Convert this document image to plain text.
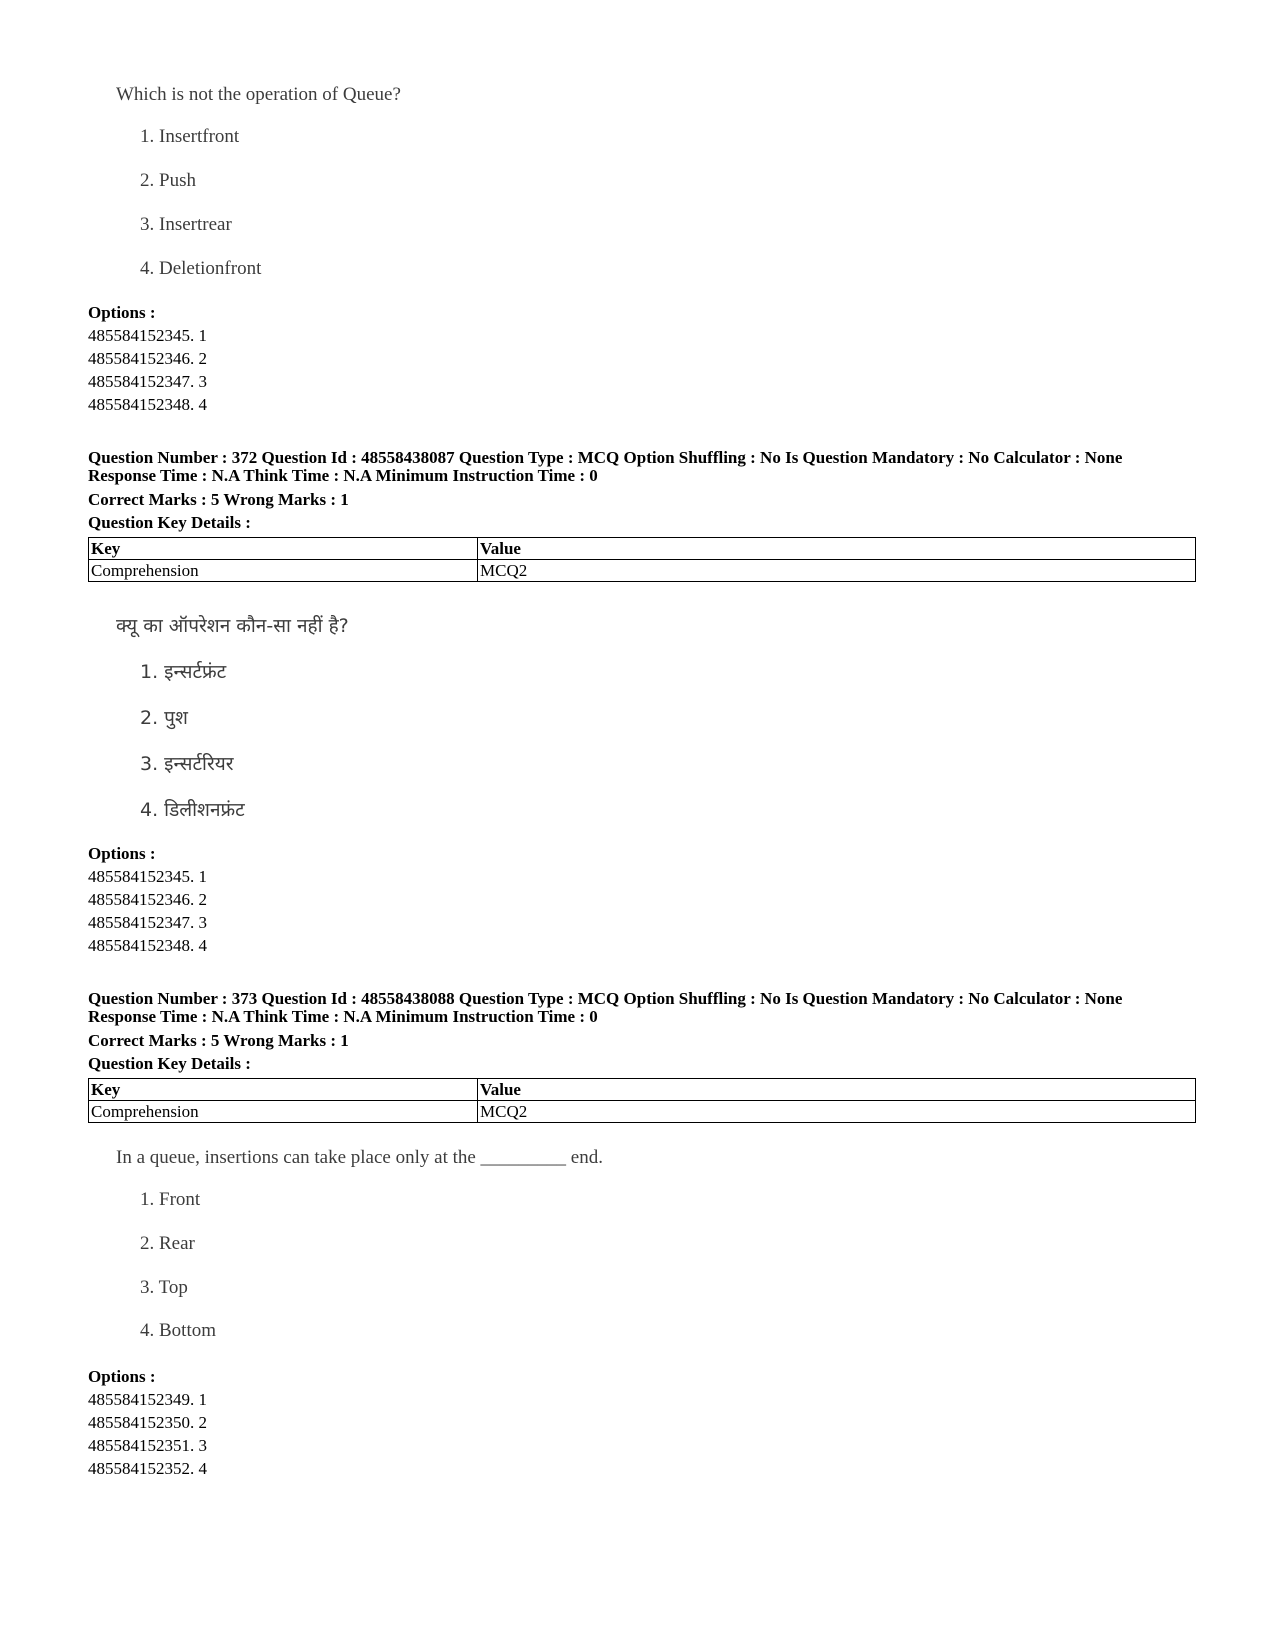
Which is not the operation of Queue?
1. Insertfront
2. Push
3. Insertrear
4. Deletionfront
Options :
485584152345. 1
485584152346. 2
485584152347. 3
485584152348. 4
Question Number : 372 Question Id : 48558438087 Question Type : MCQ Option Shuffling : No Is Question Mandatory : No Calculator : None
Response Time : N.A Think Time : N.A Minimum Instruction Time : 0
Correct Marks : 5 Wrong Marks : 1
Question Key Details :
Key	Value
Comprehension	MCQ2
क्यू का ऑपरेशन कौन-सा नहीं है?
1. इन्सर्टफ्रंट
2. पुश
3. इन्सर्टरियर
4. डिलीशनफ्रंट
Options :
485584152345. 1
485584152346. 2
485584152347. 3
485584152348. 4
Question Number : 373 Question Id : 48558438088 Question Type : MCQ Option Shuffling : No Is Question Mandatory : No Calculator : None
Response Time : N.A Think Time : N.A Minimum Instruction Time : 0
Correct Marks : 5 Wrong Marks : 1
Question Key Details :
Key	Value
Comprehension	MCQ2
In a queue, insertions can take place only at the _________ end.
1. Front
2. Rear
3. Top
4. Bottom
Options :
485584152349. 1
485584152350. 2
485584152351. 3
485584152352. 4
